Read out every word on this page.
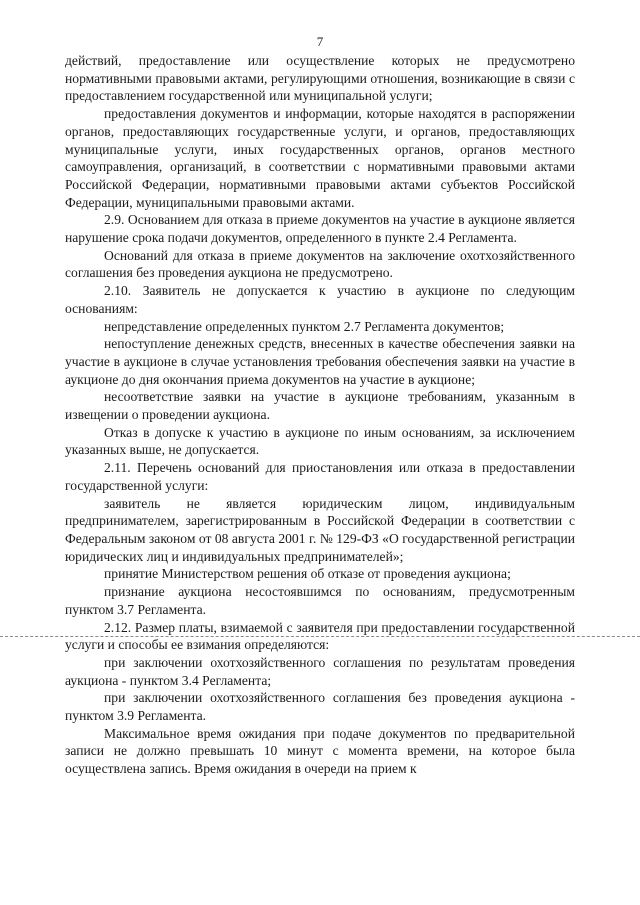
7

действий, предоставление или осуществление которых не предусмотрено нормативными правовыми актами, регулирующими отношения, возникающие в связи с предоставлением государственной или муниципальной услуги;

предоставления документов и информации, которые находятся в распоряжении органов, предоставляющих государственные услуги, и органов, предоставляющих муниципальные услуги, иных государственных органов, органов местного самоуправления, организаций, в соответствии с нормативными правовыми актами Российской Федерации, нормативными правовыми актами субъектов Российской Федерации, муниципальными правовыми актами.

2.9. Основанием для отказа в приеме документов на участие в аукционе является нарушение срока подачи документов, определенного в пункте 2.4 Регламента.

Оснований для отказа в приеме документов на заключение охотхозяйственного соглашения без проведения аукциона не предусмотрено.

2.10. Заявитель не допускается к участию в аукционе по следующим основаниям:

непредставление определенных пунктом 2.7 Регламента документов;

непоступление денежных средств, внесенных в качестве обеспечения заявки на участие в аукционе в случае установления требования обеспечения заявки на участие в аукционе до дня окончания приема документов на участие в аукционе;

несоответствие заявки на участие в аукционе требованиям, указанным в извещении о проведении аукциона.

Отказ в допуске к участию в аукционе по иным основаниям, за исключением указанных выше, не допускается.

2.11. Перечень оснований для приостановления или отказа в предоставлении государственной услуги:

заявитель не является юридическим лицом, индивидуальным предпринимателем, зарегистрированным в Российской Федерации в соответствии с Федеральным законом от 08 августа 2001 г. № 129-ФЗ «О государственной регистрации юридических лиц и индивидуальных предпринимателей»;

принятие Министерством решения об отказе от проведения аукциона;

признание аукциона несостоявшимся по основаниям, предусмотренным пунктом 3.7 Регламента.

2.12. Размер платы, взимаемой с заявителя при предоставлении государственной услуги и способы ее взимания определяются:

при заключении охотхозяйственного соглашения по результатам проведения аукциона - пунктом 3.4 Регламента;

при заключении охотхозяйственного соглашения без проведения аукциона - пунктом 3.9 Регламента.

Максимальное время ожидания при подаче документов по предварительной записи не должно превышать 10 минут с момента времени, на которое была осуществлена запись. Время ожидания в очереди на прием к
